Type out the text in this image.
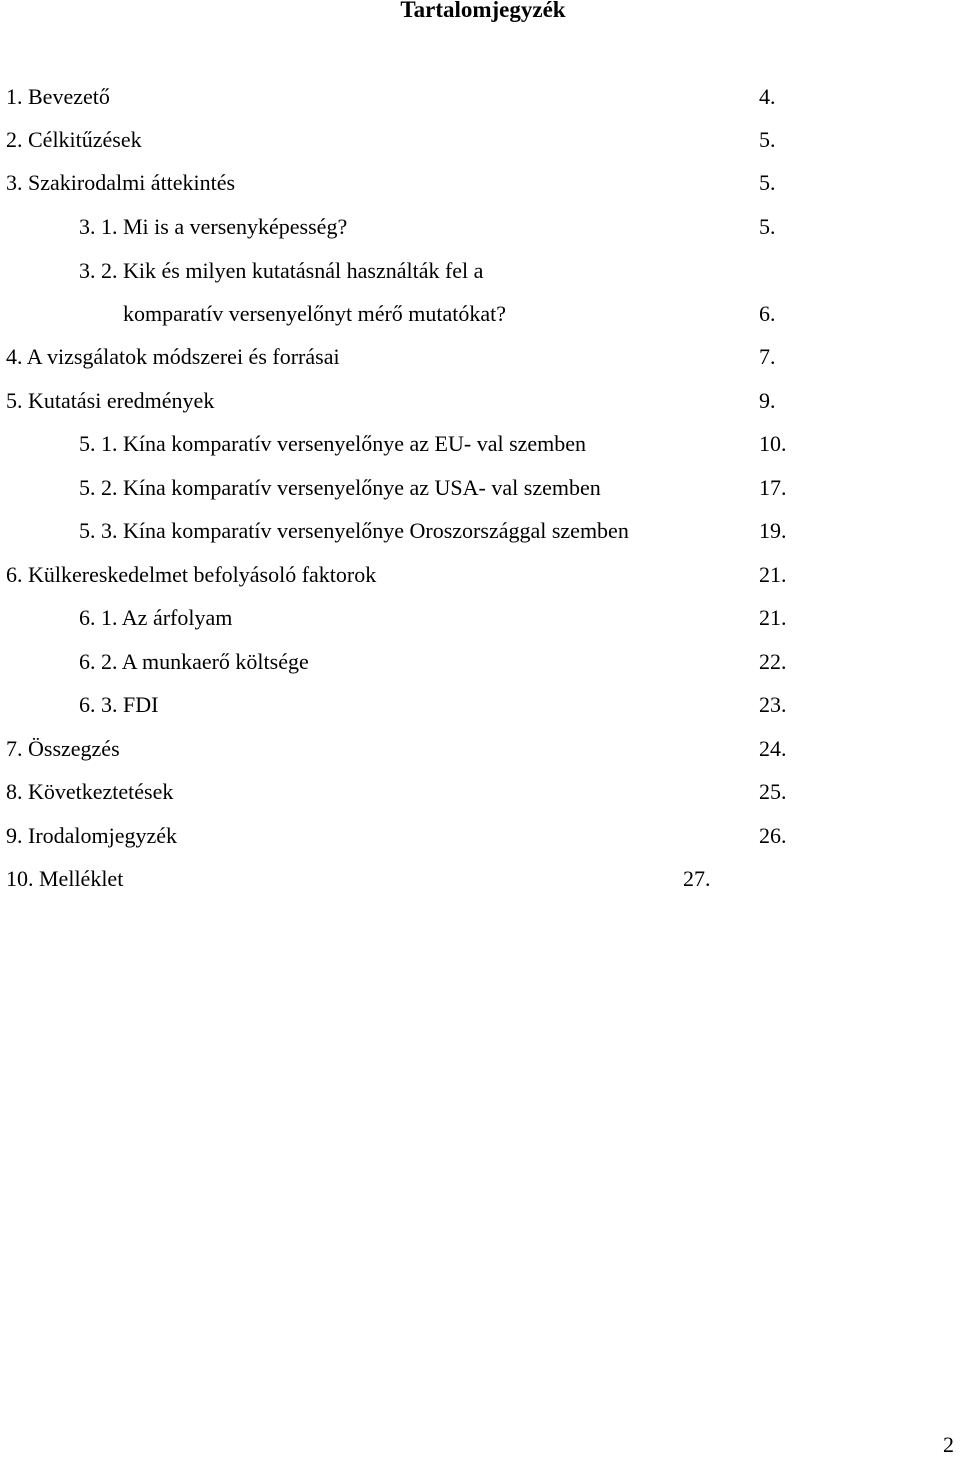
Tartalomjegyzék
1. Bevezető	4.
2. Célkitűzések	5.
3. Szakirodalmi áttekintés	5.
3. 1. Mi is a versenyképesség?	5.
3. 2. Kik és milyen kutatásnál használták fel a
komparatív versenyelőnyt mérő mutatókat?	6.
4. A vizsgálatok módszerei és forrásai	7.
5. Kutatási eredmények	9.
5. 1. Kína komparatív versenyelőnye az EU- val szemben	10.
5. 2. Kína komparatív versenyelőnye az USA- val szemben	17.
5. 3. Kína komparatív versenyelőnye Oroszországgal szemben	19.
6. Külkereskedelmet befolyásoló faktorok	21.
6. 1. Az árfolyam	21.
6. 2. A munkaerő költsége	22.
6. 3. FDI	23.
7. Összegzés	24.
8. Következtetések	25.
9. Irodalomjegyzék	26.
10. Melléklet	27.
2
